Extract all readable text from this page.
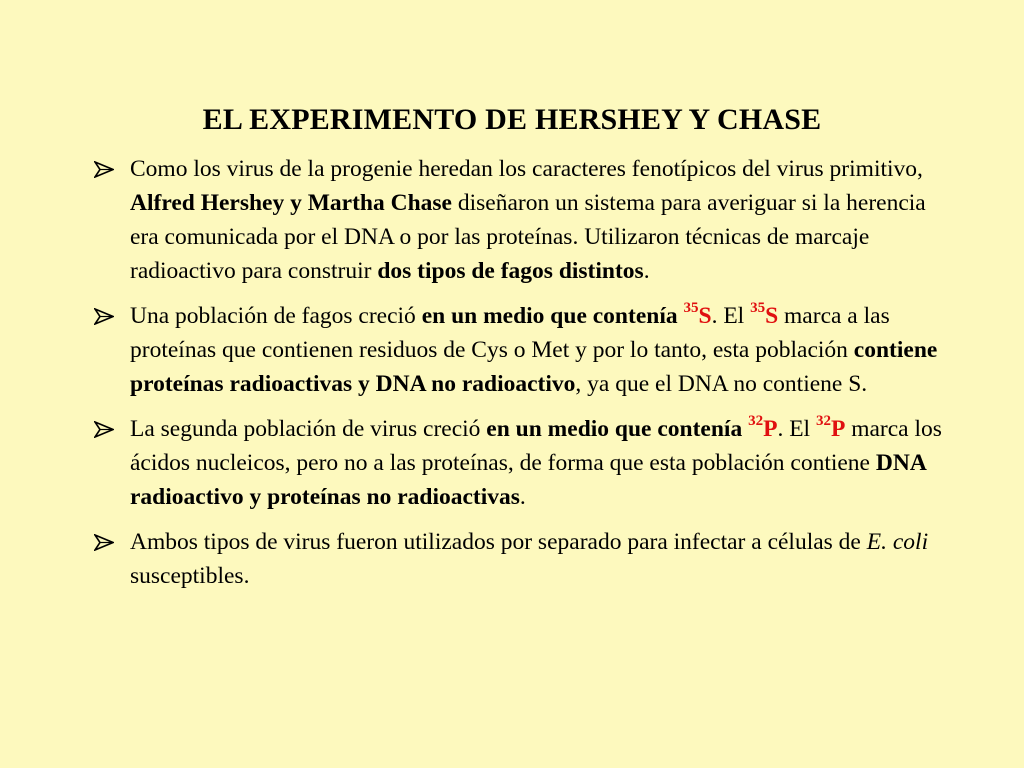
EL EXPERIMENTO DE HERSHEY Y CHASE
Como los virus de la progenie heredan los caracteres fenotípicos del virus primitivo, Alfred Hershey y Martha Chase diseñaron un sistema para averiguar si la herencia era comunicada por el DNA o por las proteínas. Utilizaron técnicas de marcaje radioactivo para construir dos tipos de fagos distintos.
Una población de fagos creció en un medio que contenía $^{35}$S. El $^{35}$S marca a las proteínas que contienen residuos de Cys o Met y por lo tanto, esta población contiene proteínas radioactivas y DNA no radioactivo, ya que el DNA no contiene S.
La segunda población de virus creció en un medio que contenía $^{32}$P. El $^{32}$P marca los ácidos nucleicos, pero no a las proteínas, de forma que esta población contiene DNA radioactivo y proteínas no radioactivas.
Ambos tipos de virus fueron utilizados por separado para infectar a células de E. coli susceptibles.
